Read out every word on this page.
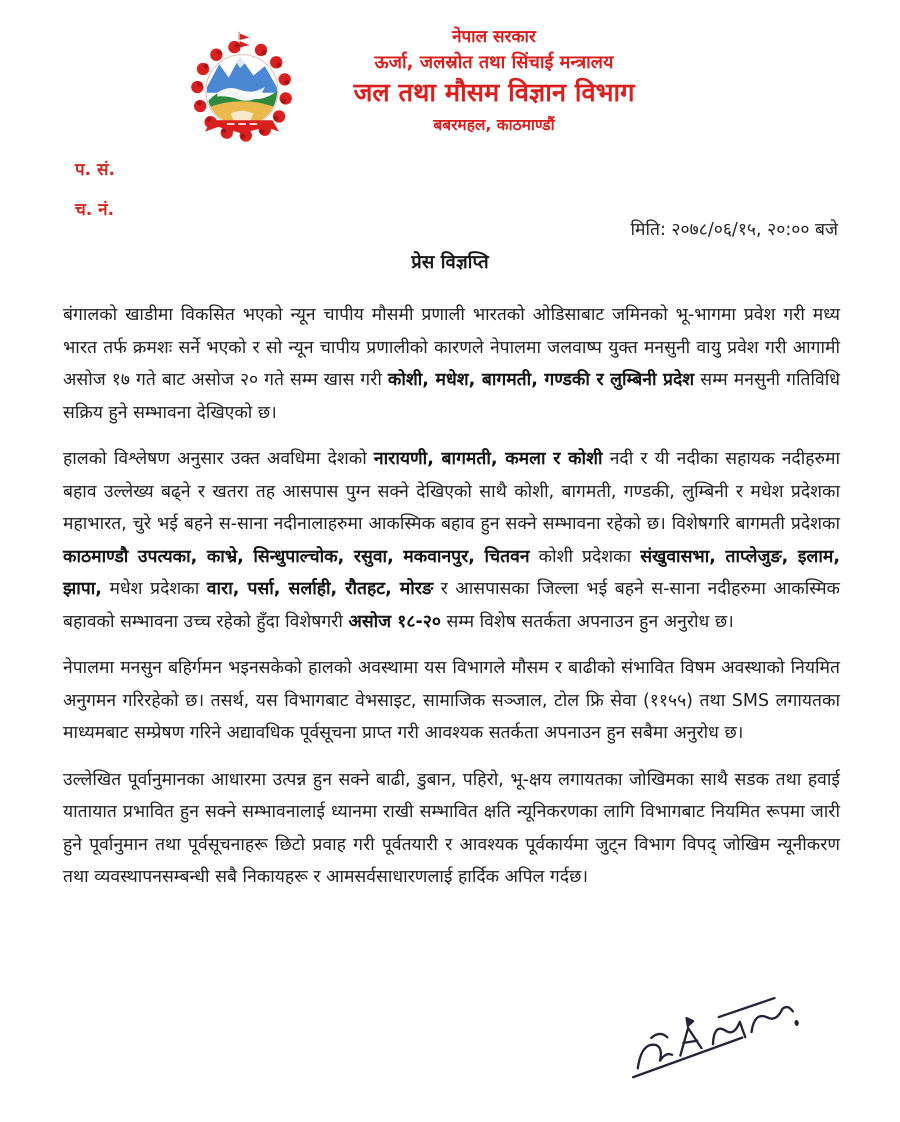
नेपाल सरकार
ऊर्जा, जलस्रोत तथा सिंचाई मन्त्रालय
जल तथा मौसम विज्ञान विभाग
बबरमहल, काठमाण्डौं
प. सं.
च. नं.
मिति: २०७८/०६/१५, २०:०० बजे
प्रेस विज्ञप्ति

बंगालको खाडीमा विकसित भएको न्यून चापीय मौसमी प्रणाली भारतको ओडिसाबाट जमिनको भू-भागमा प्रवेश गरी मध्य भारत तर्फ क्रमशः सर्ने भएको र सो न्यून चापीय प्रणालीको कारणले नेपालमा जलवाष्प युक्त मनसुनी वायु प्रवेश गरी आगामी असोज १७ गते बाट असोज २० गते सम्म खास गरी कोशी, मधेश, बागमती, गण्डकी र लुम्बिनी प्रदेश सम्म मनसुनी गतिविधि सक्रिय हुने सम्भावना देखिएको छ।

हालको विश्लेषण अनुसार उक्त अवधिमा देशको नारायणी, बागमती, कमला र कोशी नदी र यी नदीका सहायक नदीहरुमा बहाव उल्लेख्य बढ्ने र खतरा तह आसपास पुग्न सक्ने देखिएको साथै कोशी, बागमती, गण्डकी, लुम्बिनी र मधेश प्रदेशका महाभारत, चुरे भई बहने स-साना नदीनालाहरुमा आकस्मिक बहाव हुन सक्ने सम्भावना रहेको छ। विशेषगरि बागमती प्रदेशका काठमाण्डौ उपत्यका, काभ्रे, सिन्धुपाल्चोक, रसुवा, मकवानपुर, चितवन कोशी प्रदेशका संखुवासभा, ताप्लेजुङ, इलाम, झापा, मधेश प्रदेशका वारा, पर्सा, सर्लाही, रौतहट, मोरङ र आसपासका जिल्ला भई बहने स-साना नदीहरुमा आकस्मिक बहावको सम्भावना उच्च रहेको हुँदा विशेषगरी असोज १८-२० सम्म विशेष सतर्कता अपनाउन हुन अनुरोध छ।

नेपालमा मनसुन बहिर्गमन भइनसकेको हालको अवस्थामा यस विभागले मौसम र बाढीको संभावित विषम अवस्थाको नियमित अनुगमन गरिरहेको छ। तसर्थ, यस विभागबाट वेभसाइट, सामाजिक सञ्जाल, टोल फ्रि सेवा (११५५) तथा SMS लगायतका माध्यमबाट सम्प्रेषण गरिने अद्यावधिक पूर्वसूचना प्राप्त गरी आवश्यक सतर्कता अपनाउन हुन सबैमा अनुरोध छ।

उल्लेखित पूर्वानुमानका आधारमा उत्पन्न हुन सक्ने बाढी, डुबान, पहिरो, भू-क्षय लगायतका जोखिमका साथै सडक तथा हवाई यातायात प्रभावित हुन सक्ने सम्भावनालाई ध्यानमा राखी सम्भावित क्षति न्यूनिकरणका लागि विभागबाट नियमित रूपमा जारी हुने पूर्वानुमान तथा पूर्वसूचनाहरू छिटो प्रवाह गरी पूर्वतयारी र आवश्यक पूर्वकार्यमा जुट्न विभाग विपद् जोखिम न्यूनीकरण तथा व्यवस्थापनसम्बन्धी सबै निकायहरू र आमसर्वसाधारणलाई हार्दिक अपिल गर्दछ।
